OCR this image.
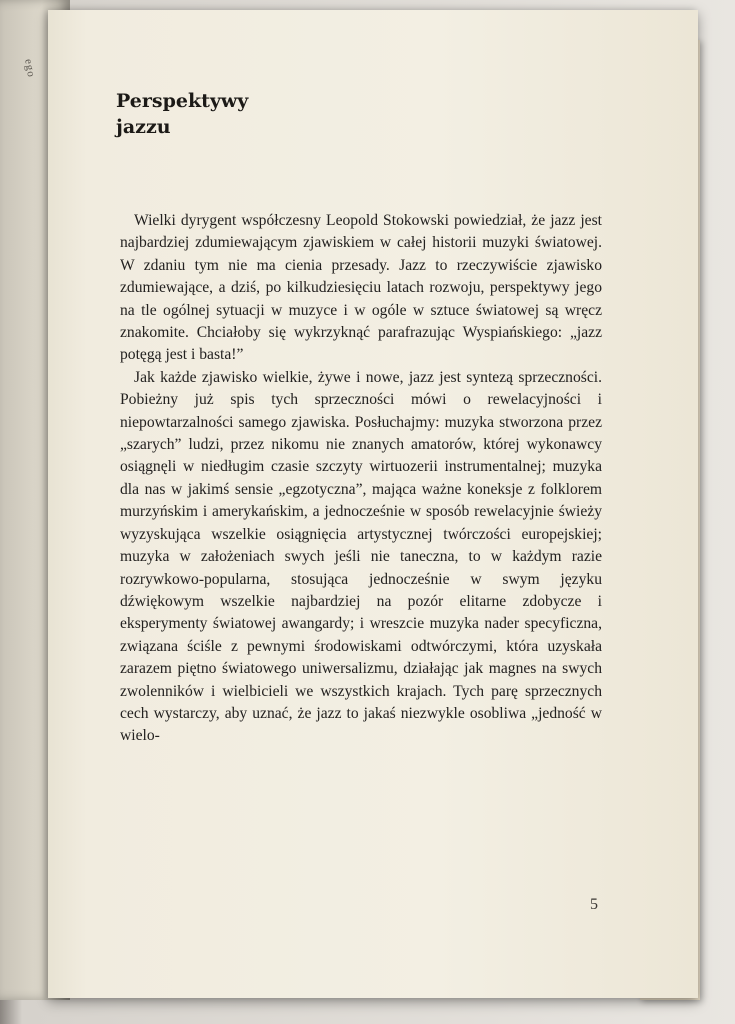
ego
Perspektywy
jazzu

Wielki dyrygent współczesny Leopold Stokowski powiedział, że jazz jest najbardziej zdumiewającym zjawiskiem w całej historii muzyki światowej. W zdaniu tym nie ma cienia przesady. Jazz to rzeczywiście zjawisko zdumiewające, a dziś, po kilkudziesięciu latach rozwoju, perspektywy jego na tle ogólnej sytuacji w muzyce i w ogóle w sztuce światowej są wręcz znakomite. Chciałoby się wykrzyknąć parafrazując Wyspiańskiego: „jazz potęgą jest i basta!”

Jak każde zjawisko wielkie, żywe i nowe, jazz jest syntezą sprzeczności. Pobieżny już spis tych sprzeczności mówi o rewelacyjności i niepowtarzalności samego zjawiska. Posłuchajmy: muzyka stworzona przez „szarych” ludzi, przez nikomu nie znanych amatorów, której wykonawcy osiągnęli w niedługim czasie szczyty wirtuozerii instrumentalnej; muzyka dla nas w jakimś sensie „egzotyczna”, mająca ważne koneksje z folklorem murzyńskim i amerykańskim, a jednocześnie w sposób rewelacyjnie świeży wyzyskująca wszelkie osiągnięcia artystycznej twórczości europejskiej; muzyka w założeniach swych jeśli nie taneczna, to w każdym razie rozrywkowo-popularna, stosująca jednocześnie w swym języku dźwiękowym wszelkie najbardziej na pozór elitarne zdobycze i eksperymenty światowej awangardy; i wreszcie muzyka nader specyficzna, związana ściśle z pewnymi środowiskami odtwórczymi, która uzyskała zarazem piętno światowego uniwersalizmu, działając jak magnes na swych zwolenników i wielbicieli we wszystkich krajach. Tych parę sprzecznych cech wystarczy, aby uznać, że jazz to jakaś niezwykle osobliwa „jedność w wielo-

5
